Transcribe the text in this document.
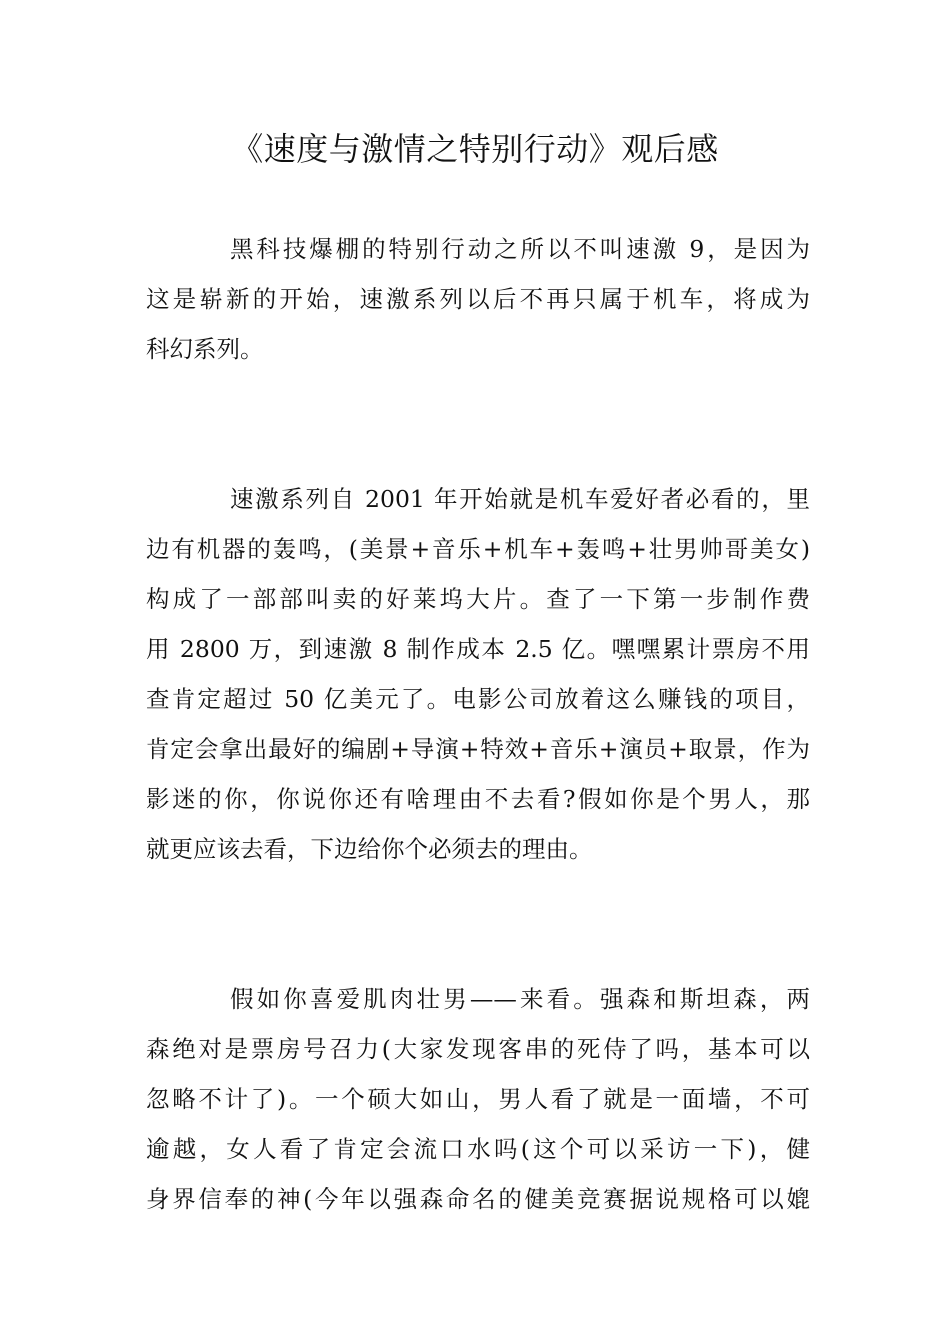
《速度与激情之特别行动》观后感
黑科技爆棚的特别行动之所以不叫速激 9，是因为
这是崭新的开始，速激系列以后不再只属于机车，将成为
科幻系列。
速激系列自 2001 年开始就是机车爱好者必看的，里
边有机器的轰鸣，(美景+音乐+机车+轰鸣+壮男帅哥美女)
构成了一部部叫卖的好莱坞大片。查了一下第一步制作费
用 2800 万，到速激 8 制作成本 2.5 亿。嘿嘿累计票房不用
查肯定超过 50 亿美元了。电影公司放着这么赚钱的项目，
肯定会拿出最好的编剧+导演+特效+音乐+演员+取景，作为
影迷的你，你说你还有啥理由不去看?假如你是个男人，那
就更应该去看，下边给你个必须去的理由。
假如你喜爱肌肉壮男——来看。强森和斯坦森，两
森绝对是票房号召力(大家发现客串的死侍了吗，基本可以
忽略不计了)。一个硕大如山，男人看了就是一面墙，不可
逾越，女人看了肯定会流口水吗(这个可以采访一下)，健
身界信奉的神(今年以强森命名的健美竞赛据说规格可以媲
